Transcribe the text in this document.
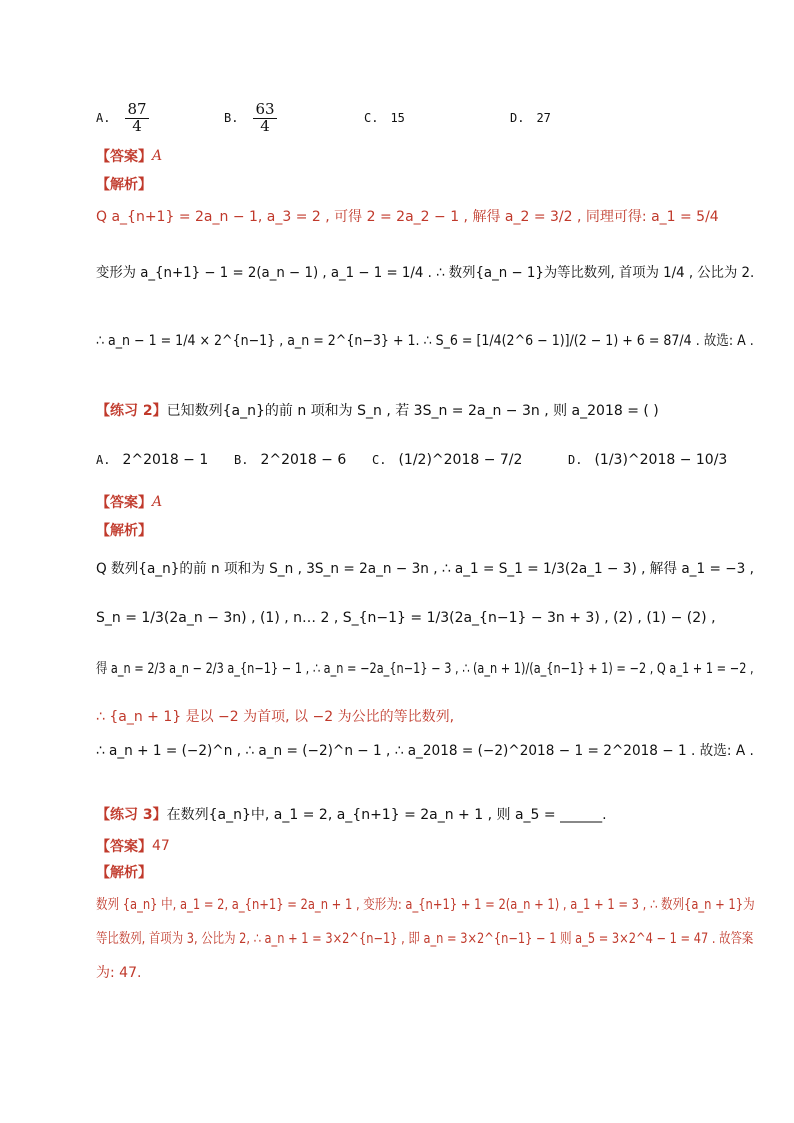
A. $\frac{87}{4}$	B. $\frac{63}{4}$	C. 15	D. 27
【答案】 A
【解析】
Q a_{n+1} = 2a_n − 1, a_3 = 2 , 可得 2 = 2a_2 − 1 , 解得 a_2 = 3/2 , 同理可得: a_1 = 5/4
变形为 a_{n+1} − 1 = 2(a_n − 1) , a_1 − 1 = 1/4 . ∴ 数列{a_n − 1}为等比数列, 首项为 1/4 , 公比为 2.
∴ a_n − 1 = 1/4 × 2^{n−1} , a_n = 2^{n−3} + 1. ∴ S_6 = [1/4(2^6 − 1)]/(2 − 1) + 6 = 87/4 . 故选: A .
【练习 2】 已知数列{a_n}的前 n 项和为 S_n , 若 3S_n = 2a_n − 3n , 则 a_2018 = ( )
A. 2^2018 − 1 B. 2^2018 − 6 C. (1/2)^2018 − 7/2	D. (1/3)^2018 − 10/3
【答案】 A
【解析】
Q 数列{a_n}的前 n 项和为 S_n , 3S_n = 2a_n − 3n , ∴ a_1 = S_1 = 1/3(2a_1 − 3) , 解得 a_1 = −3 ,
S_n = 1/3(2a_n − 3n) , (1) , n… 2 , S_{n−1} = 1/3(2a_{n−1} − 3n + 3) , (2) , (1) − (2) ,
得 a_n = 2/3 a_n − 2/3 a_{n−1} − 1 , ∴ a_n = −2a_{n−1} − 3 , ∴ (a_n + 1)/(a_{n−1} + 1) = −2 , Q a_1 + 1 = −2 ,
∴ {a_n + 1} 是以 −2 为首项, 以 −2 为公比的等比数列,
∴ a_n + 1 = (−2)^n , ∴ a_n = (−2)^n − 1 , ∴ a_2018 = (−2)^2018 − 1 = 2^2018 − 1 . 故选: A .
【练习 3】 在数列{a_n}中, a_1 = 2, a_{n+1} = 2a_n + 1 , 则 a_5 = ______.
【答案】 47
【解析】
数列 {a_n} 中, a_1 = 2, a_{n+1} = 2a_n + 1 , 变形为: a_{n+1} + 1 = 2(a_n + 1) , a_1 + 1 = 3 , ∴ 数列{a_n + 1}为
等比数列, 首项为 3, 公比为 2, ∴ a_n + 1 = 3×2^{n−1} , 即 a_n = 3×2^{n−1} − 1 则 a_5 = 3×2^4 − 1 = 47 . 故答案
为: 47.
